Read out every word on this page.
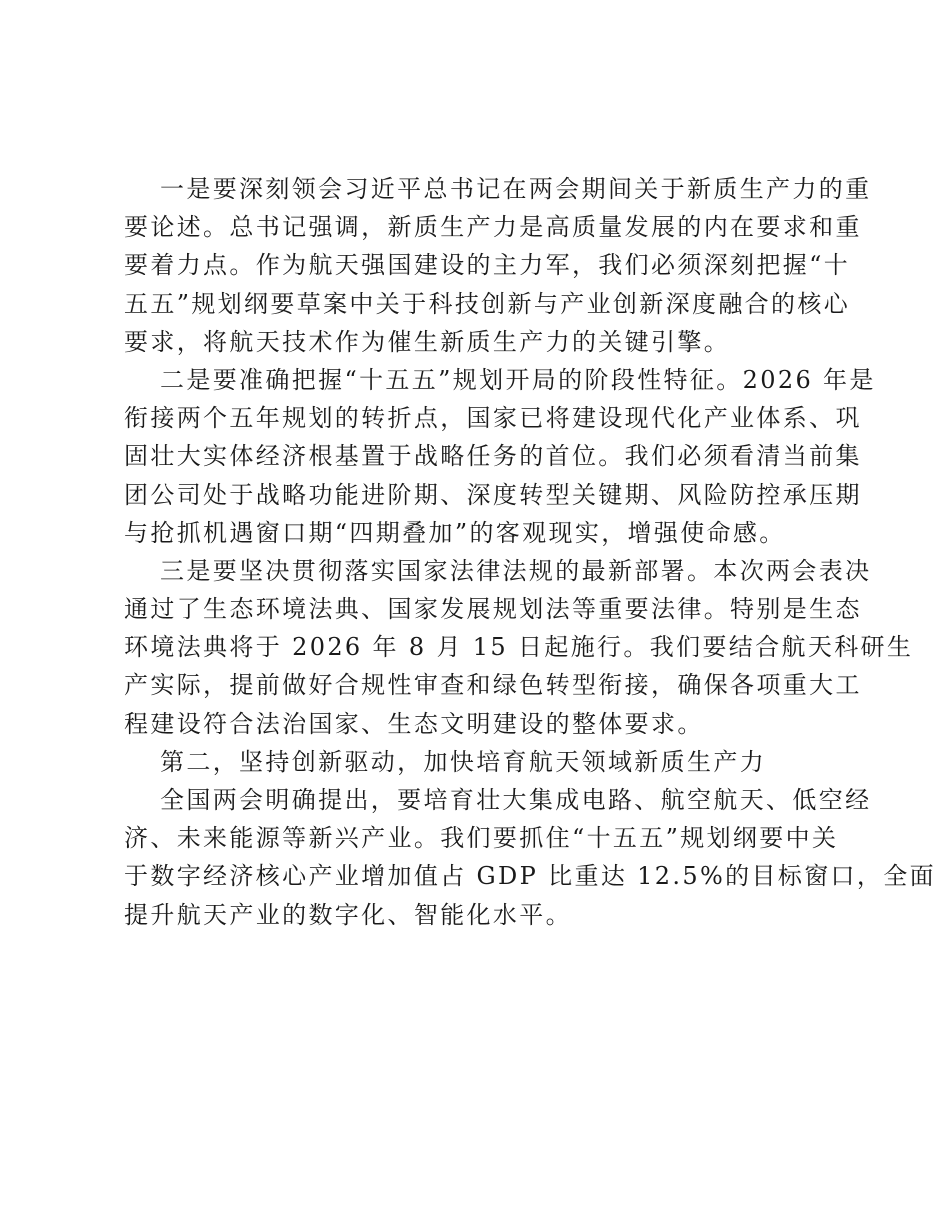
一是要深刻领会习近平总书记在两会期间关于新质生产力的重
要论述。总书记强调，新质生产力是高质量发展的内在要求和重
要着力点。作为航天强国建设的主力军，我们必须深刻把握“十
五五”规划纲要草案中关于科技创新与产业创新深度融合的核心
要求，将航天技术作为催生新质生产力的关键引擎。
二是要准确把握“十五五”规划开局的阶段性特征。2026 年是
衔接两个五年规划的转折点，国家已将建设现代化产业体系、巩
固壮大实体经济根基置于战略任务的首位。我们必须看清当前集
团公司处于战略功能进阶期、深度转型关键期、风险防控承压期
与抢抓机遇窗口期“四期叠加”的客观现实，增强使命感。
三是要坚决贯彻落实国家法律法规的最新部署。本次两会表决
通过了生态环境法典、国家发展规划法等重要法律。特别是生态
环境法典将于 2026 年 8 月 15 日起施行。我们要结合航天科研生
产实际，提前做好合规性审查和绿色转型衔接，确保各项重大工
程建设符合法治国家、生态文明建设的整体要求。
第二，坚持创新驱动，加快培育航天领域新质生产力
全国两会明确提出，要培育壮大集成电路、航空航天、低空经
济、未来能源等新兴产业。我们要抓住“十五五”规划纲要中关
于数字经济核心产业增加值占 GDP 比重达 12.5%的目标窗口，全面
提升航天产业的数字化、智能化水平。
